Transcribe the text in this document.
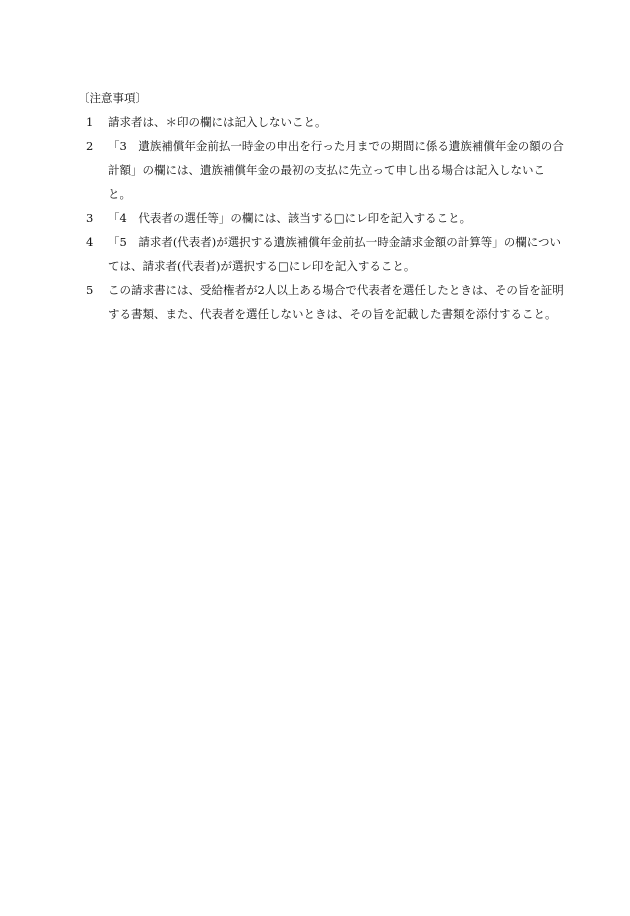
〔注意事項〕
1	請求者は、＊印の欄には記入しないこと。
2	「3　遺族補償年金前払一時金の申出を行った月までの期間に係る遺族補償年金の額の合計額」の欄には、遺族補償年金の最初の支払に先立って申し出る場合は記入しないこと。
3	「4　代表者の選任等」の欄には、該当する□にレ印を記入すること。
4	「5　請求者(代表者)が選択する遺族補償年金前払一時金請求金額の計算等」の欄については、請求者(代表者)が選択する□にレ印を記入すること。
5	この請求書には、受給権者が2人以上ある場合で代表者を選任したときは、その旨を証明する書類、また、代表者を選任しないときは、その旨を記載した書類を添付すること。
